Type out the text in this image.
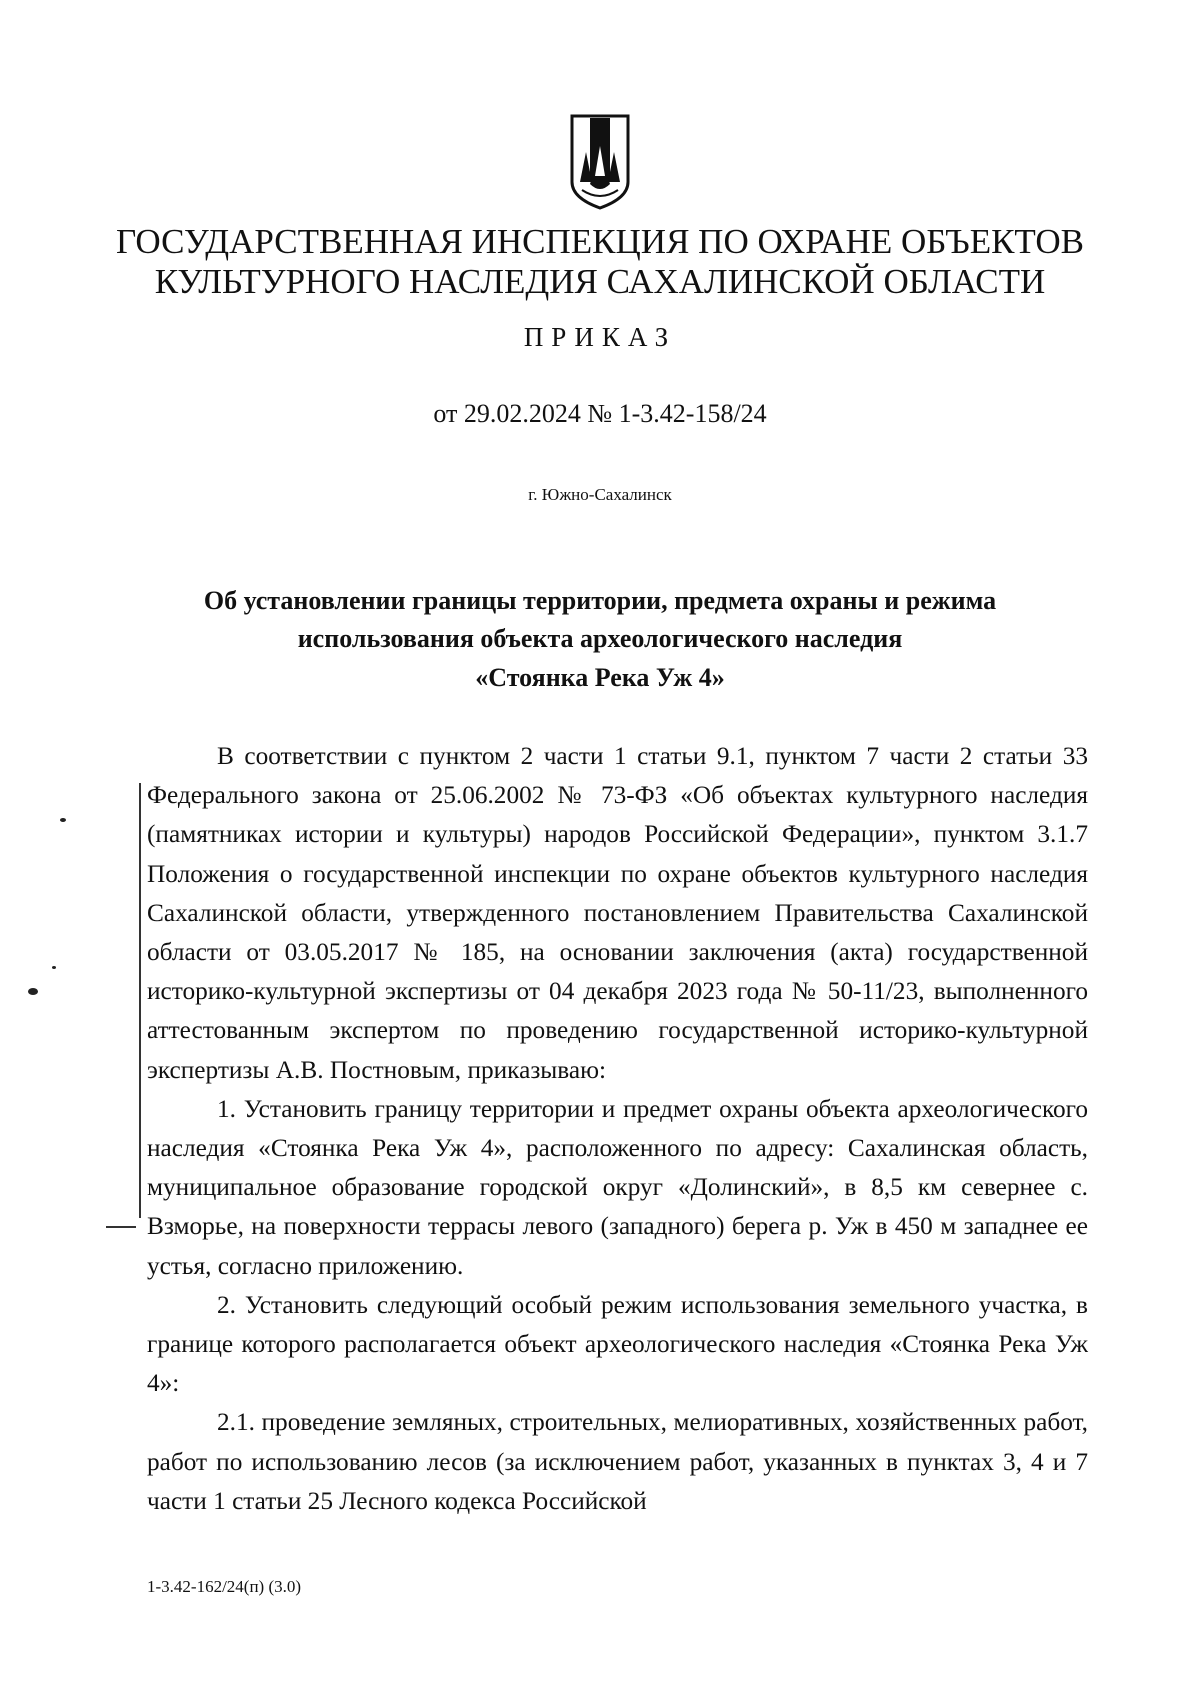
ГОСУДАРСТВЕННАЯ ИНСПЕКЦИЯ ПО ОХРАНЕ ОБЪЕКТОВ
КУЛЬТУРНОГО НАСЛЕДИЯ САХАЛИНСКОЙ ОБЛАСТИ
ПРИКАЗ
от 29.02.2024 № 1-3.42-158/24
г. Южно-Сахалинск
Об установлении границы территории, предмета охраны и режима
использования объекта археологического наследия
«Стоянка Река Уж 4»

В соответствии с пунктом 2 части 1 статьи 9.1, пунктом 7 части 2 статьи 33 Федерального закона от 25.06.2002 № 73-ФЗ «Об объектах культурного наследия (памятниках истории и культуры) народов Российской Федерации», пунктом 3.1.7 Положения о государственной инспекции по охране объектов культурного наследия Сахалинской области, утвержденного постановлением Правительства Сахалинской области от 03.05.2017 № 185, на основании заключения (акта) государственной историко-культурной экспертизы от 04 декабря 2023 года № 50-11/23, выполненного аттестованным экспертом по проведению государственной историко-культурной экспертизы А.В. Постновым, приказываю:

1. Установить границу территории и предмет охраны объекта археологического наследия «Стоянка Река Уж 4», расположенного по адресу: Сахалинская область, муниципальное образование городской округ «Долинский», в 8,5 км севернее с. Взморье, на поверхности террасы левого (западного) берега р. Уж в 450 м западнее ее устья, согласно приложению.

2. Установить следующий особый режим использования земельного участка, в границе которого располагается объект археологического наследия «Стоянка Река Уж 4»:

2.1. проведение земляных, строительных, мелиоративных, хозяйственных работ, работ по использованию лесов (за исключением работ, указанных в пунктах 3, 4 и 7 части 1 статьи 25 Лесного кодекса Российской

1-3.42-162/24(п) (3.0)
